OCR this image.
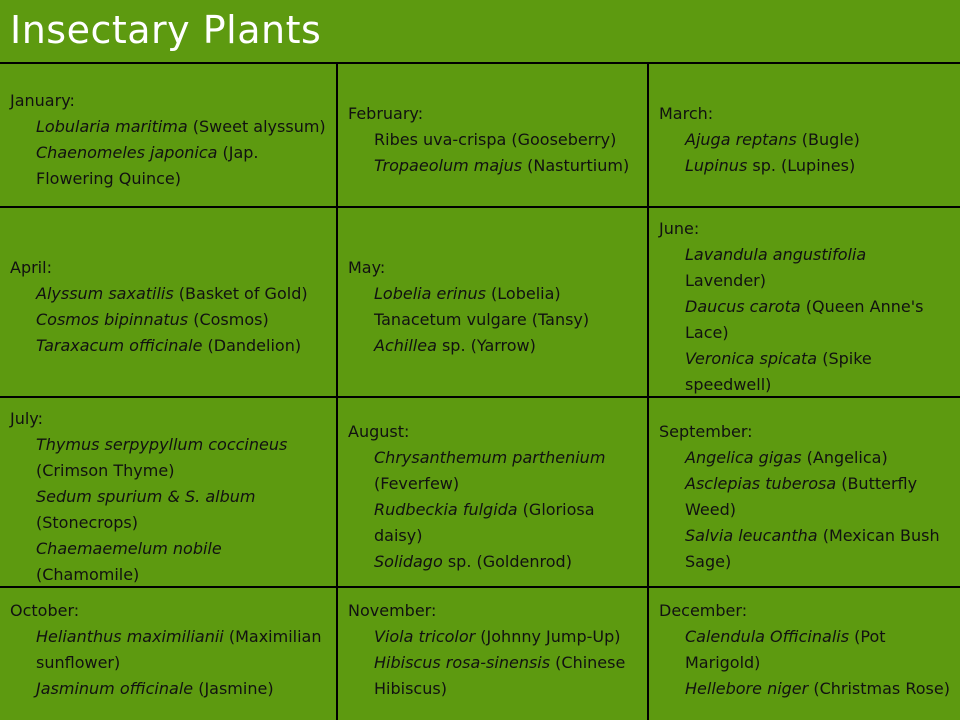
Insectary Plants
January:
Lobularia maritima (Sweet alyssum)
Chaenomeles japonica (Jap. Flowering Quince)
February:
Ribes uva-crispa (Gooseberry)
Tropaeolum majus (Nasturtium)
March:
Ajuga reptans (Bugle)
Lupinus sp. (Lupines)
April:
Alyssum saxatilis (Basket of Gold)
Cosmos bipinnatus (Cosmos)
Taraxacum officinale (Dandelion)
May:
Lobelia erinus (Lobelia)
Tanacetum vulgare (Tansy)
Achillea sp. (Yarrow)
June:
Lavandula angustifolia Lavender)
Daucus carota (Queen Anne's Lace)
Veronica spicata (Spike speedwell)
July:
Thymus serpypyllum coccineus (Crimson Thyme)
Sedum spurium & S. album (Stonecrops)
Chaemaemelum nobile (Chamomile)
August:
Chrysanthemum parthenium (Feverfew)
Rudbeckia fulgida (Gloriosa daisy)
Solidago sp. (Goldenrod)
September:
Angelica gigas (Angelica)
Asclepias tuberosa (Butterfly Weed)
Salvia leucantha (Mexican Bush Sage)
October:
Helianthus maximilianii (Maximilian sunflower)
Jasminum officinale (Jasmine)
November:
Viola tricolor (Johnny Jump-Up)
Hibiscus rosa-sinensis (Chinese Hibiscus)
December:
Calendula Officinalis (Pot Marigold)
Hellebore niger (Christmas Rose)
